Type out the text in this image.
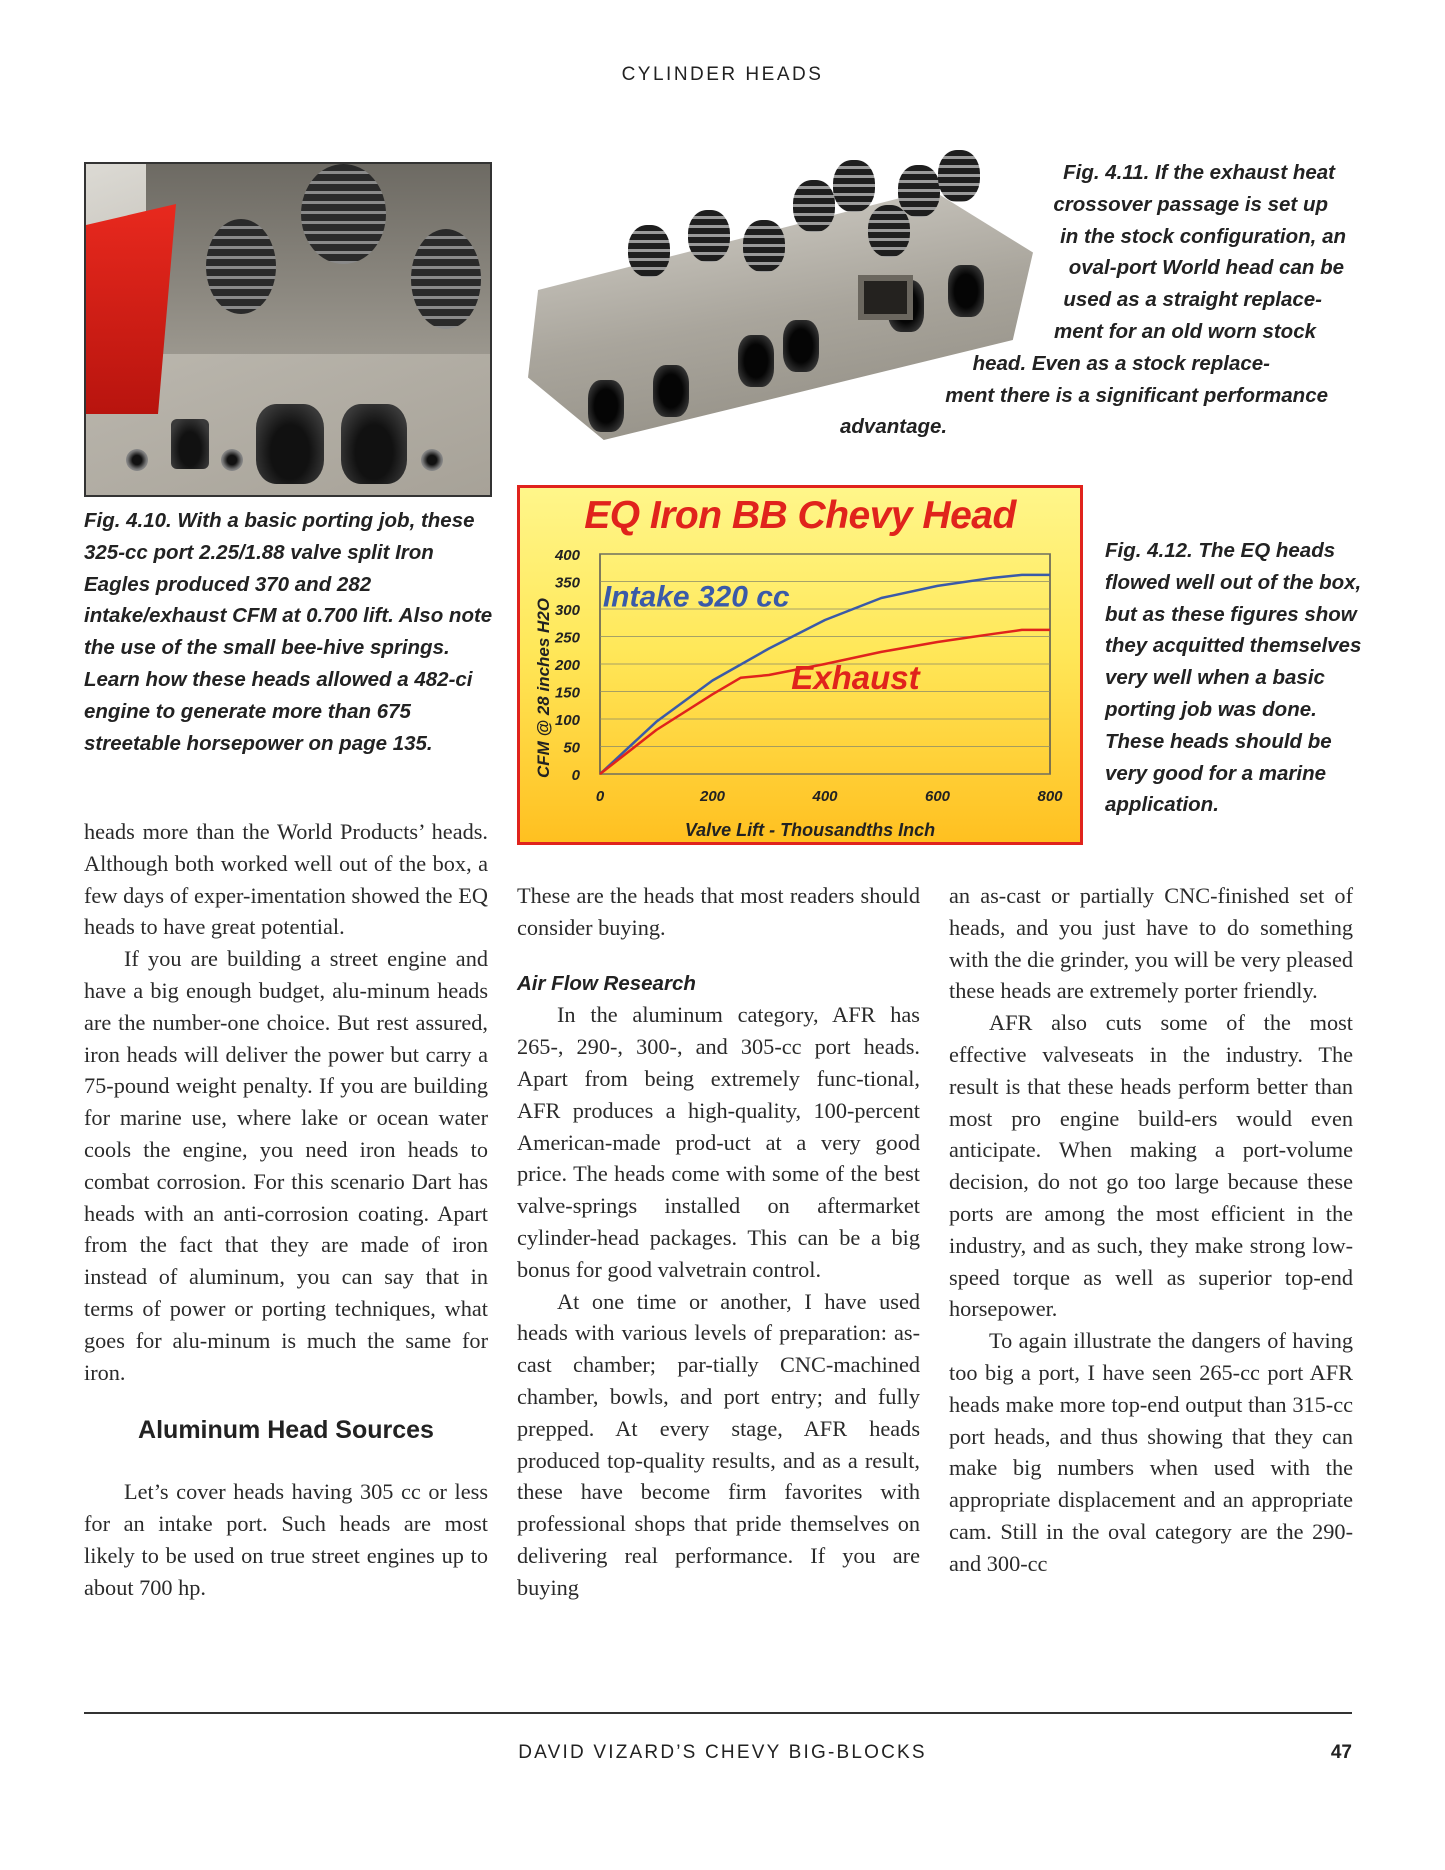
CYLINDER HEADS
Fig. 4.11. If the exhaust heat
crossover passage is set up
in the stock configuration, an
oval-port World head can be
used as a straight replace-
ment for an old worn stock
head. Even as a stock replace-
ment there is a significant performance
advantage.
Fig. 4.10. With a basic porting job, these 325-cc port 2.25/1.88 valve split Iron Eagles produced 370 and 282 intake/exhaust CFM at 0.700 lift. Also note the use of the small bee-hive springs. Learn how these heads allowed a 482-ci engine to generate more than 675 streetable horsepower on page 135.
EQ Iron BB Chevy Head
CFM @ 28 inches H2O
Valve Lift - Thousandths Inch
0
50
100
150
200
250
300
350
400
0	200	400	600	800
Intake 320 cc
Exhaust
Fig. 4.12. The EQ heads flowed well out of the box, but as these figures show they acquitted themselves very well when a basic porting job was done. These heads should be very good for a marine application.

heads more than the World Products’ heads. Although both worked well out of the box, a few days of exper-imentation showed the EQ heads to have great potential.

If you are building a street engine and have a big enough budget, alu-minum heads are the number-one choice. But rest assured, iron heads will deliver the power but carry a 75-pound weight penalty. If you are building for marine use, where lake or ocean water cools the engine, you need iron heads to combat corrosion. For this scenario Dart has heads with an anti-corrosion coating. Apart from the fact that they are made of iron instead of aluminum, you can say that in terms of power or porting techniques, what goes for alu-minum is much the same for iron.

Aluminum Head Sources

Let’s cover heads having 305 cc or less for an intake port. Such heads are most likely to be used on true street engines up to about 700 hp.

These are the heads that most readers should consider buying.

Air Flow Research

In the aluminum category, AFR has 265-, 290-, 300-, and 305-cc port heads. Apart from being extremely func-tional, AFR produces a high-quality, 100-percent American-made prod-uct at a very good price. The heads come with some of the best valve-springs installed on aftermarket cylinder-head packages. This can be a big bonus for good valvetrain control.

At one time or another, I have used heads with various levels of preparation: as-cast chamber; par-tially CNC-machined chamber, bowls, and port entry; and fully prepped. At every stage, AFR heads produced top-quality results, and as a result, these have become firm favorites with professional shops that pride themselves on delivering real performance. If you are buying

an as-cast or partially CNC-finished set of heads, and you just have to do something with the die grinder, you will be very pleased these heads are extremely porter friendly.

AFR also cuts some of the most effective valveseats in the industry. The result is that these heads perform better than most pro engine build-ers would even anticipate. When making a port-volume decision, do not go too large because these ports are among the most efficient in the industry, and as such, they make strong low-speed torque as well as superior top-end horsepower.

To again illustrate the dangers of having too big a port, I have seen 265-cc port AFR heads make more top-end output than 315-cc port heads, and thus showing that they can make big numbers when used with the appropriate displacement and an appropriate cam. Still in the oval category are the 290- and 300-cc

DAVID VIZARD’S CHEVY BIG-BLOCKS	47
